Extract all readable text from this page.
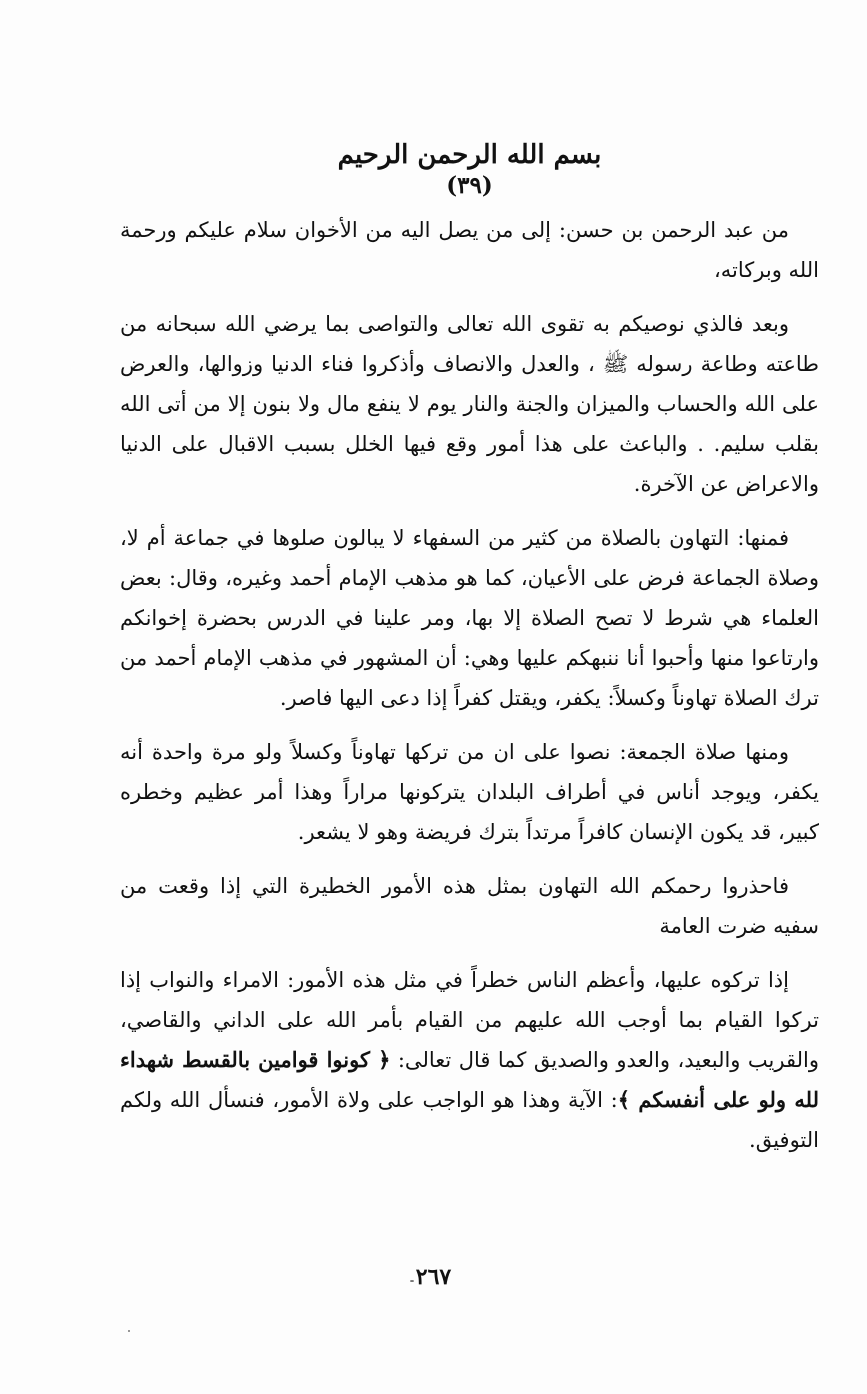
بسم الله الرحمن الرحيم

(٣٩)

من عبد الرحمن بن حسن: إلى من يصل اليه من الأخوان سلام عليكم ورحمة الله وبركاته،

وبعد فالذي نوصيكم به تقوى الله تعالى والتواصى بما يرضي الله سبحانه من طاعته وطاعة رسوله ﷺ ، والعدل والانصاف وأذكروا فناء الدنيا وزوالها، والعرض على الله والحساب والميزان والجنة والنار يوم لا ينفع مال ولا بنون إلا من أتى الله بقلب سليم. . والباعث على هذا أمور وقع فيها الخلل بسبب الاقبال على الدنيا والاعراض عن الآخرة.

فمنها: التهاون بالصلاة من كثير من السفهاء لا يبالون صلوها في جماعة أم لا، وصلاة الجماعة فرض على الأعيان، كما هو مذهب الإمام أحمد وغيره، وقال: بعض العلماء هي شرط لا تصح الصلاة إلا بها، ومر علينا في الدرس بحضرة إخوانكم وارتاعوا منها وأحبوا أنا ننبهكم عليها وهي: أن المشهور في مذهب الإمام أحمد من ترك الصلاة تهاوناً وكسلاً: يكفر، ويقتل كفراً إذا دعى اليها فاصر.

ومنها صلاة الجمعة: نصوا على ان من تركها تهاوناً وكسلاً ولو مرة واحدة أنه يكفر، ويوجد أناس في أطراف البلدان يتركونها مراراً وهذا أمر عظيم وخطره كبير، قد يكون الإنسان كافراً مرتداً بترك فريضة وهو لا يشعر.

فاحذروا رحمكم الله التهاون بمثل هذه الأمور الخطيرة التي إذا وقعت من سفيه ضرت العامة

إذا تركوه عليها، وأعظم الناس خطراً في مثل هذه الأمور: الامراء والنواب إذا تركوا القيام بما أوجب الله عليهم من القيام بأمر الله على الداني والقاصي، والقريب والبعيد، والعدو والصديق كما قال تعالى: ﴿ كونوا قوامين بالقسط شهداء لله ولو على أنفسكم ﴾: الآية وهذا هو الواجب على ولاة الأمور، فنسأل الله ولكم التوفيق.

٢٦٧
